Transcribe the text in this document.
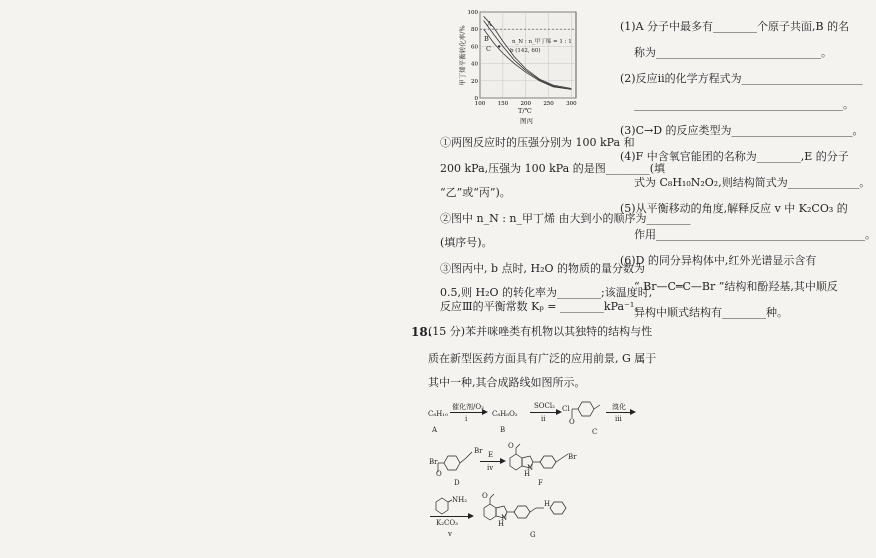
0
20
40
60
80
100
100 150 200 250 300
甲丁烯平衡转化率/%
T/℃
图丙
A
B
C
n_N : n_甲丁烯 = 1 : 1
b (142, 60)
①两图反应时的压强分别为 100 kPa 和
200 kPa,压强为 100 kPa 的是图________(填
“乙”或“丙”)。
②图中 n_N : n_甲丁烯 由大到小的顺序为________
(填序号)。
③图丙中, b 点时, H₂O 的物质的量分数为
0.5,则 H₂O 的转化率为________;该温度时,
反应Ⅲ的平衡常数 Kₚ = ________kPa⁻¹。
18.
(15 分)苯并咪唑类有机物以其独特的结构与性
质在新型医药方面具有广泛的应用前景, G 属于
其中一种,其合成路线如图所示。
C₈H₁₀
A
催化剂/O₂
i
C₈H₈O₂
B
SOCl₂
ii
Cl
O
C
溴化
iii
Br
O
Br
D
E
iv
O
N
H
Br
F
NH₂
K₂CO₃
v
O
N
H
H
G
(1)A 分子中最多有________个原子共面,B 的名
称为______________________________。
(2)反应ii的化学方程式为______________________
______________________________________。
(3)C→D 的反应类型为______________________。
(4)F 中含氧官能团的名称为________,E 的分子
式为 C₈H₁₀N₂O₂,则结构简式为_____________。
(5)从平衡移动的角度,解释反应 v 中 K₂CO₃ 的
作用______________________________________。
(6)D 的同分异构体中,红外光谱显示含有
“ Br—C═C—Br ”结构和酚羟基,其中顺反
异构中顺式结构有________种。
